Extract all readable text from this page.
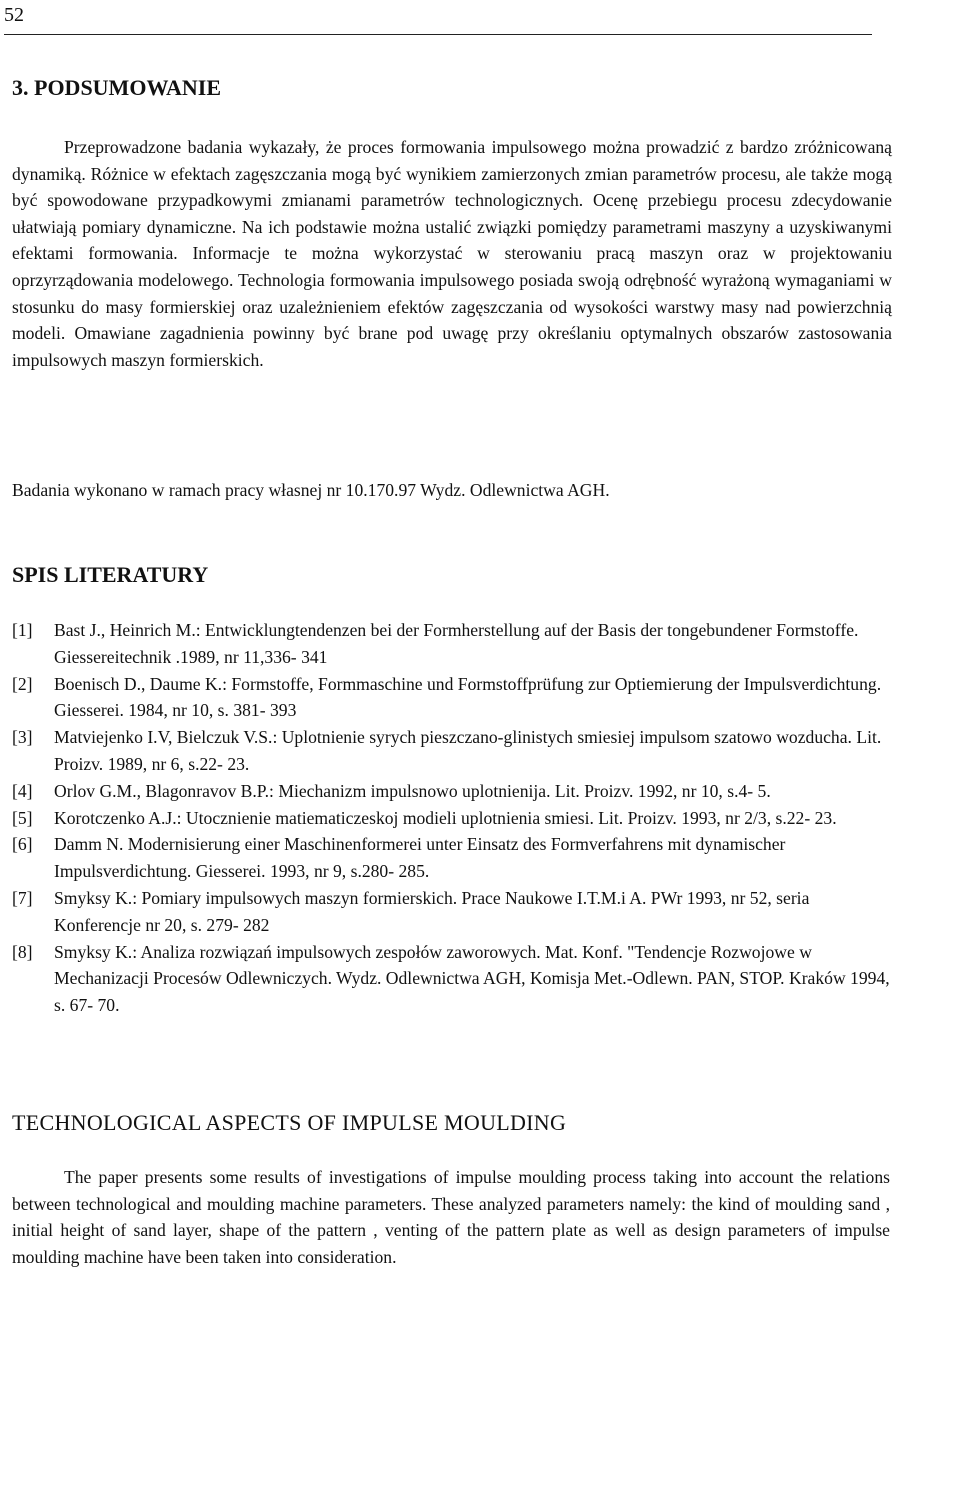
52
3. PODSUMOWANIE

Przeprowadzone badania wykazały, że proces formowania impulsowego można prowadzić z bardzo zróżnicowaną dynamiką. Różnice w efektach zagęszczania mogą być wynikiem zamierzonych zmian parametrów procesu, ale także mogą być spowodowane przypadkowymi zmianami parametrów technologicznych. Ocenę przebiegu procesu zdecydowanie ułatwiają pomiary dynamiczne. Na ich podstawie można ustalić związki pomiędzy parametrami maszyny a uzyskiwanymi efektami formowania. Informacje te można wykorzystać w sterowaniu pracą maszyn oraz w projektowaniu oprzyrządowania modelowego. Technologia formowania impulsowego posiada swoją odrębność wyrażoną wymaganiami w stosunku do masy formierskiej oraz uzależnieniem efektów zagęszczania od wysokości warstwy masy nad powierzchnią modeli. Omawiane zagadnienia powinny być brane pod uwagę przy określaniu optymalnych obszarów zastosowania impulsowych maszyn formierskich.

Badania wykonano w ramach pracy własnej nr 10.170.97 Wydz. Odlewnictwa AGH.

SPIS LITERATURY
[1]	Bast J., Heinrich M.: Entwicklungtendenzen bei der Formherstellung auf der Basis der tongebundener Formstoffe. Giessereitechnik .1989, nr 11,336- 341
[2]	Boenisch D., Daume K.: Formstoffe, Formmaschine und Formstoffprüfung zur Optiemierung der Impulsverdichtung. Giesserei. 1984, nr 10, s. 381- 393
[3]	Matviejenko I.V, Bielczuk V.S.: Uplotnienie syrych pieszczano-glinistych smiesiej impulsom szatowo wozducha. Lit. Proizv. 1989, nr 6, s.22- 23.
[4]	Orlov G.M., Blagonravov B.P.: Miechanizm impulsnowo uplotnienija. Lit. Proizv. 1992, nr 10, s.4- 5.
[5]	Korotczenko A.J.: Utocznienie matiematiczeskoj modieli uplotnienia smiesi. Lit. Proizv. 1993, nr 2/3, s.22- 23.
[6]	Damm N. Modernisierung einer Maschinenformerei unter Einsatz des Formverfahrens mit dynamischer Impulsverdichtung. Giesserei. 1993, nr 9, s.280- 285.
[7]	Smyksy K.: Pomiary impulsowych maszyn formierskich. Prace Naukowe I.T.M.i A. PWr 1993, nr 52, seria Konferencje nr 20, s. 279- 282
[8]	Smyksy K.: Analiza rozwiązań impulsowych zespołów zaworowych. Mat. Konf. "Tendencje Rozwojowe w Mechanizacji Procesów Odlewniczych. Wydz. Odlewnictwa AGH, Komisja Met.-Odlewn. PAN, STOP. Kraków 1994, s. 67- 70.
TECHNOLOGICAL ASPECTS OF IMPULSE MOULDING

The paper presents some results of investigations of impulse moulding process taking into account the relations between technological and moulding machine parameters. These analyzed parameters namely: the kind of moulding sand , initial height of sand layer, shape of the pattern , venting of the pattern plate as well as design parameters of impulse moulding machine have been taken into consideration.
